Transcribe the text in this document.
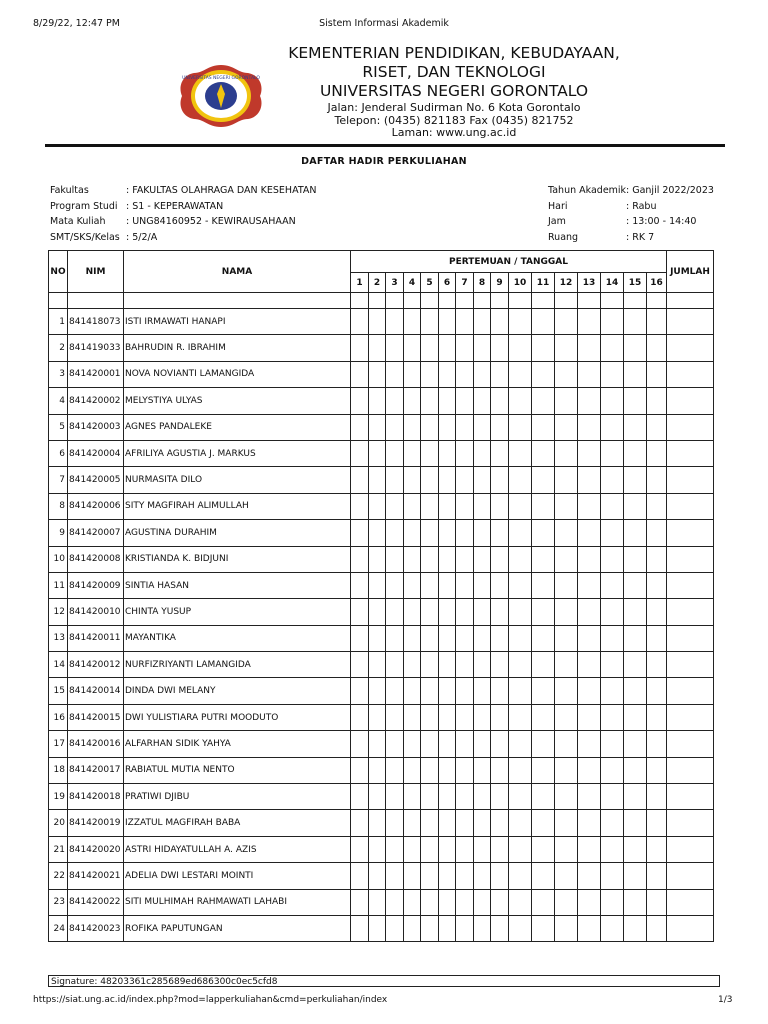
8/29/22, 12:47 PM	Sistem Informasi Akademik
UNIVERSITAS NEGERI GORONTALO
KEMENTERIAN PENDIDIKAN, KEBUDAYAAN,
RISET, DAN TEKNOLOGI
UNIVERSITAS NEGERI GORONTALO
Jalan: Jenderal Sudirman No. 6 Kota Gorontalo
Telepon: (0435) 821183 Fax (0435) 821752
Laman: www.ung.ac.id
DAFTAR HADIR PERKULIAHAN
Fakultas	: FAKULTAS OLAHRAGA DAN KESEHATAN
Program Studi : S1 - KEPERAWATAN
Mata Kuliah : UNG84160952 - KEWIRAUSAHAAN
SMT/SKS/Kelas : 5/2/A
Tahun Akademik : Ganjil 2022/2023
Hari	: Rabu
Jam	: 13:00 - 14:40
Ruang	: RK 7
NO	NIM	NAMA	PERTEMUAN / TANGGAL																JUMLAH
			1	2	3	4	5	6	7	8	9	10	11	12	13	14	15	16	

1	841418073	ISTI IRMAWATI HANAPI																	
2	841419033	BAHRUDIN R. IBRAHIM																	
3	841420001	NOVA NOVIANTI LAMANGIDA																	
4	841420002	MELYSTIYA ULYAS																	
5	841420003	AGNES PANDALEKE																	
6	841420004	AFRILIYA AGUSTIA J. MARKUS																	
7	841420005	NURMASITA DILO																	
8	841420006	SITY MAGFIRAH ALIMULLAH																	
9	841420007	AGUSTINA DURAHIM																	
10	841420008	KRISTIANDA K. BIDJUNI																	
11	841420009	SINTIA HASAN																	
12	841420010	CHINTA YUSUP																	
13	841420011	MAYANTIKA																	
14	841420012	NURFIZRIYANTI LAMANGIDA																	
15	841420014	DINDA DWI MELANY																	
16	841420015	DWI YULISTIARA PUTRI MOODUTO																	
17	841420016	ALFARHAN SIDIK YAHYA																	
18	841420017	RABIATUL MUTIA NENTO																	
19	841420018	PRATIWI DJIBU																	
20	841420019	IZZATUL MAGFIRAH BABA																	
21	841420020	ASTRI HIDAYATULLAH A. AZIS																	
22	841420021	ADELIA DWI LESTARI MOINTI																	
23	841420022	SITI MULHIMAH RAHMAWATI LAHABI																	
24	841420023	ROFIKA PAPUTUNGAN																	
Signature: 48203361c285689ed686300c0ec5cfd8
https://siat.ung.ac.id/index.php?mod=lapperkuliahan&cmd=perkuliahan/index	1/3
